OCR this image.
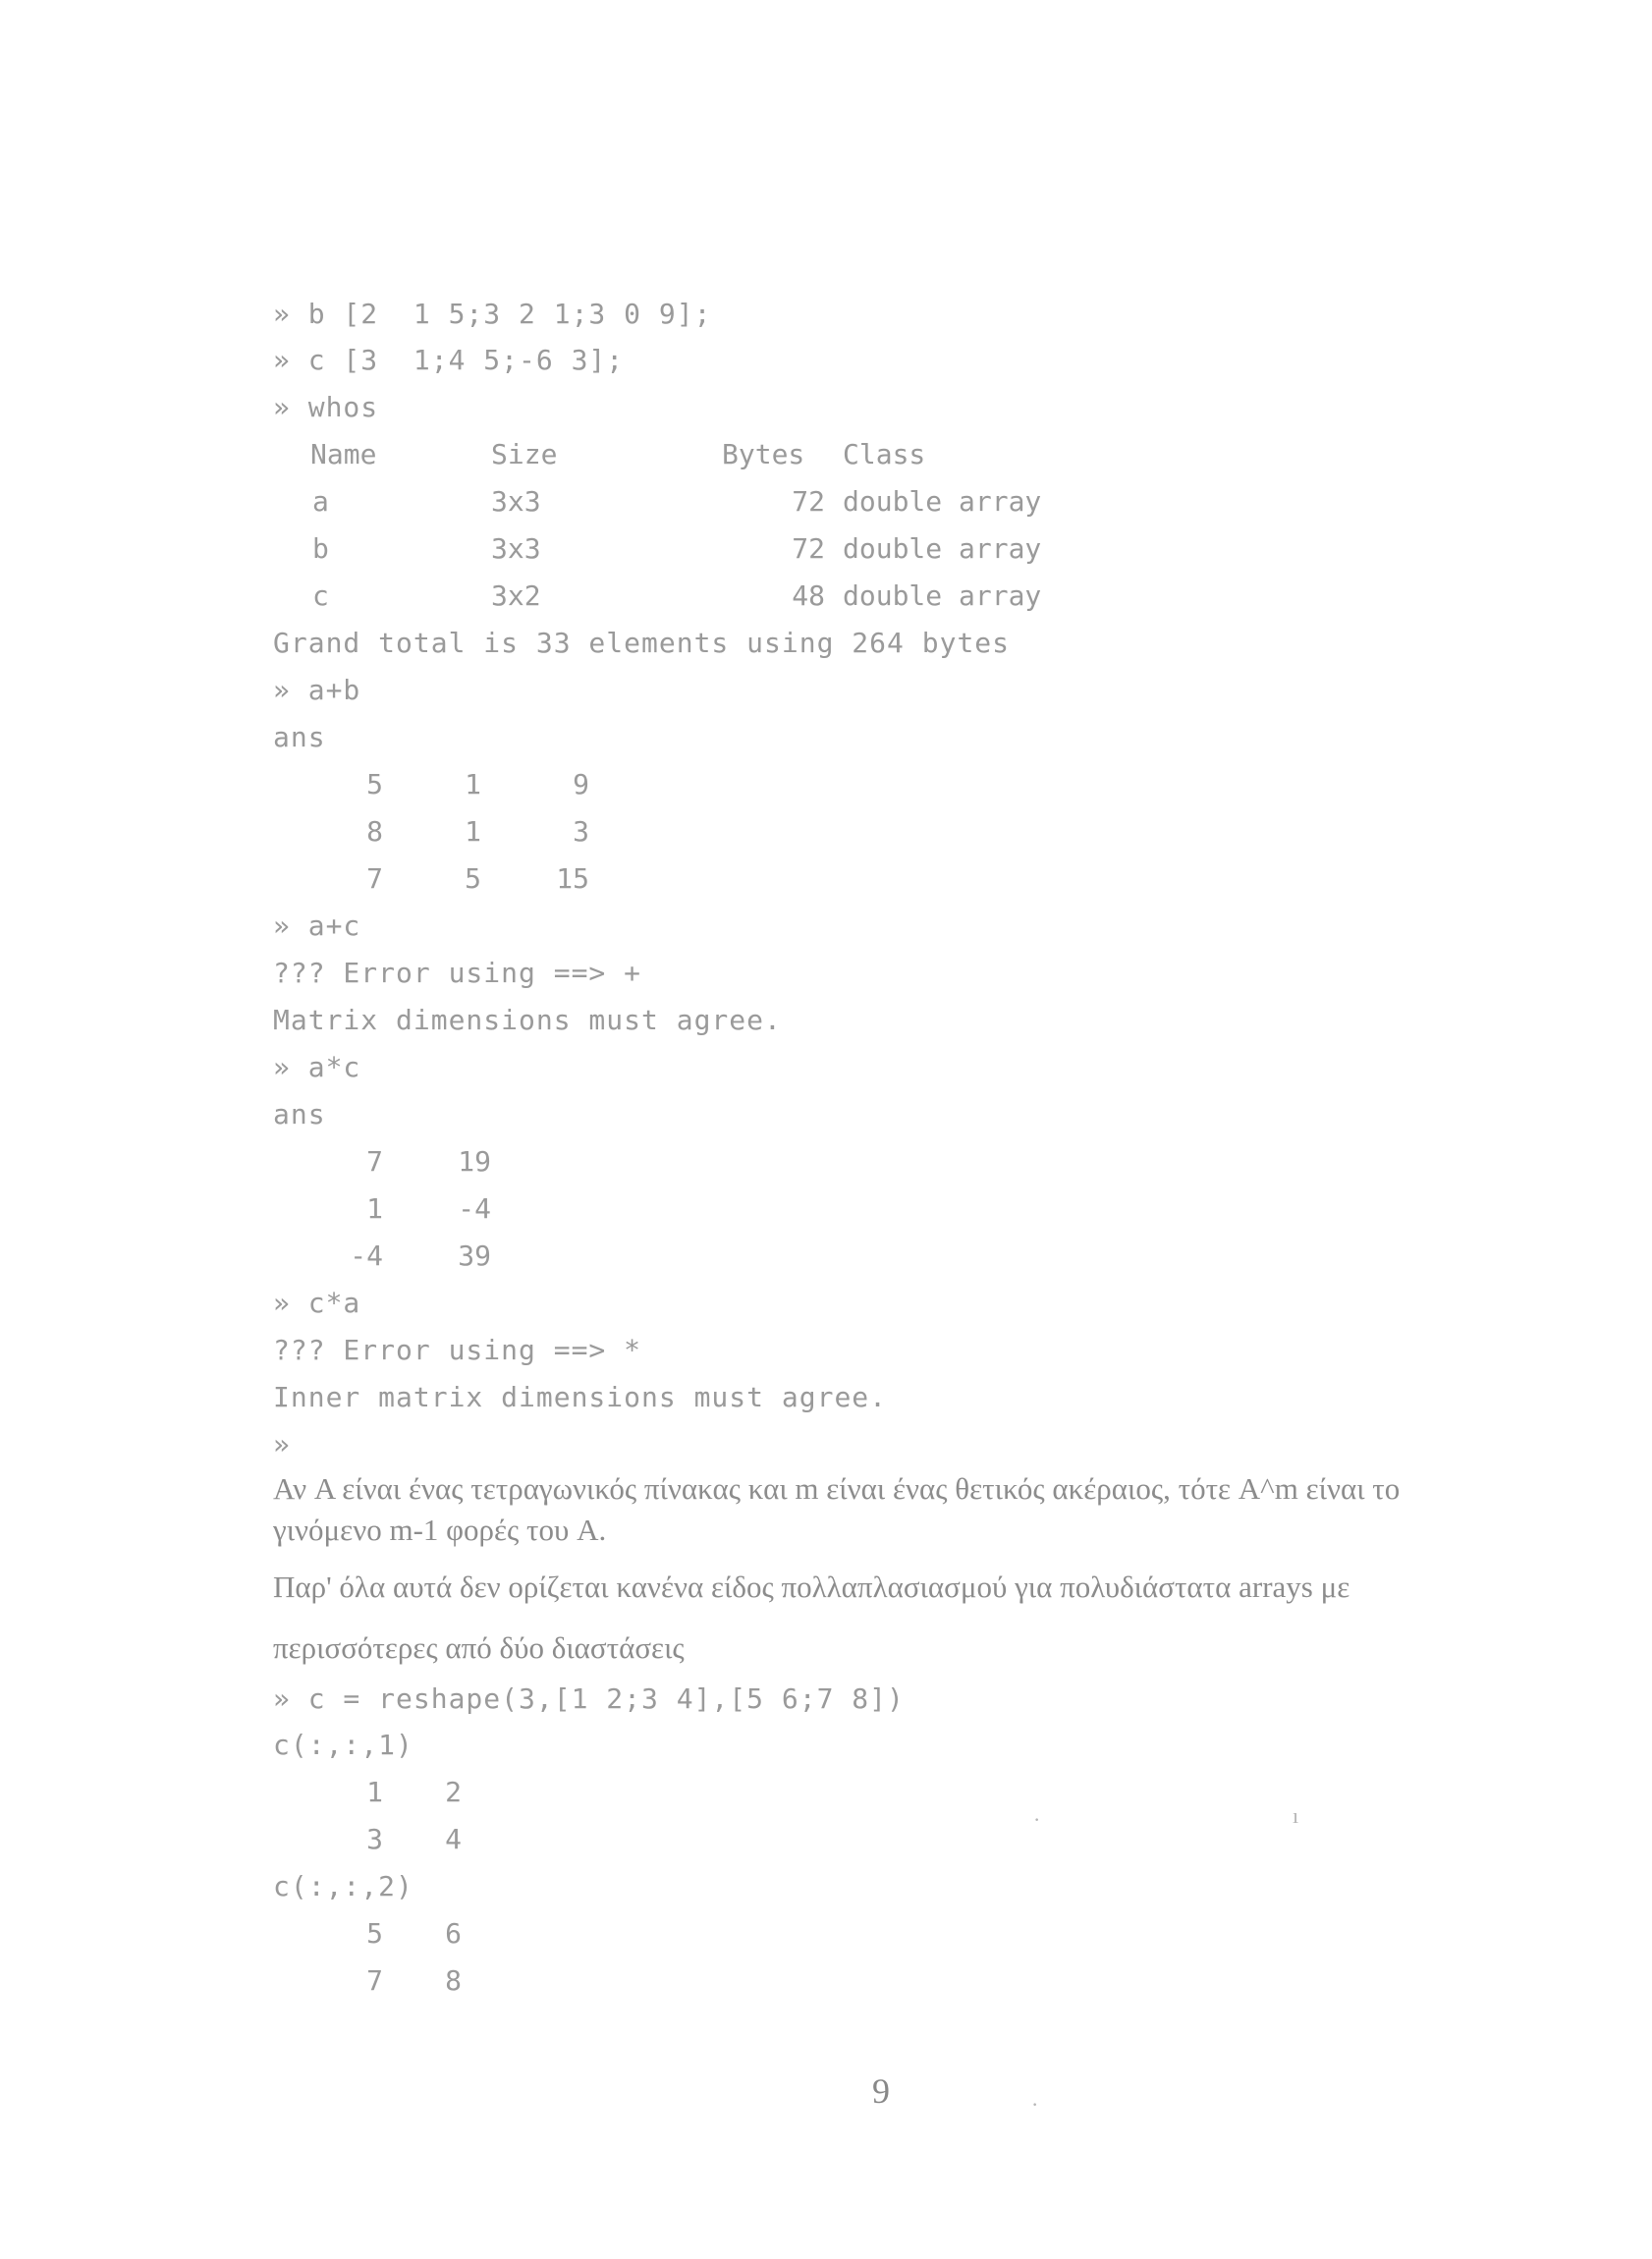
» b [2  1 5;3 2 1;3 0 9];
» c [3  1;4 5;-6 3];
» whos
Name	Size	Bytes Class
a	3x3	72 double array
b	3x3	72 double array
c	3x2	48 double array
Grand total is 33 elements using 264 bytes
» a+b
ans
5	1	9
8	1	3
7	5	15
» a+c
??? Error using ==> +
Matrix dimensions must agree.
» a*c
ans
7	19
1	-4
-4	39
» c*a
??? Error using ==> *
Inner matrix dimensions must agree.
»

Αν A είναι ένας τετραγωνικός πίνακας και m είναι ένας θετικός ακέραιος, τότε A^m είναι το γινόμενο m-1 φορές του A.

Παρ' όλα αυτά δεν ορίζεται κανένα είδος πολλαπλασιασμού για πολυδιάστατα arrays με περισσότερες από δύο διαστάσεις

» c = reshape(3,[1 2;3 4],[5 6;7 8])
c(:,:,1)
1	2
3	4
c(:,:,2)
5	6
7	8
·	ı
·
9
